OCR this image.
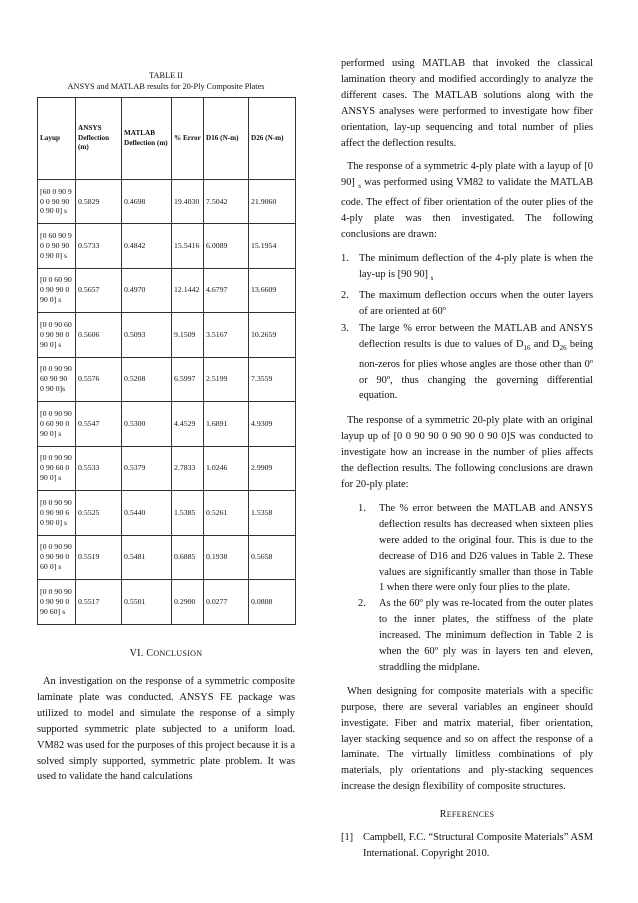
TABLE II
ANSYS and MATLAB results for 20-Ply Composite Plates
Layup	ANSYS Deflection (m)	MATLAB Deflection (m)	% Error	D16 (N-m)	D26 (N-m)
[60 0 90 90 0 90 90 0 90 0] s	0.5829	0.4698	19.4030	7.5042	21.9060
[0 60 90 90 0 90 90 0 90 0] s	0.5733	0.4842	15.5416	6.0089	15.1954
[0 0 60 90 0 90 90 0 90 0] s	0.5657	0.4970	12.1442	4.6797	13.6609
[0 0 90 60 0 90 90 0 90 0] s	0.5606	0.5093	9.1509	3.5167	10.2659
[0 0 90 90 60 90 90 0 90 0]s	0.5576	0.5208	6.5997	2.5199	7.3559
[0 0 90 90 0 60 90 0 90 0] s	0.5547	0.5300	4.4529	1.6891	4.9309
[0 0 90 90 0 90 60 0 90 0] s	0.5533	0.5379	2.7833	1.0246	2.9909
[0 0 90 90 0 90 90 60 90 0] s	0.5525	0.5440	1.5385	0.5261	1.5358
[0 0 90 90 0 90 90 0 60 0] s	0.5519	0.5481	0.6885	0.1938	0.5658
[0 0 90 90 0 90 90 0 90 60] s	0.5517	0.5501	0.2900	0.0277	0.0808
VI. CONCLUSION

An investigation on the response of a symmetric composite laminate plate was conducted. ANSYS FE package was utilized to model and simulate the response of a simply supported symmetric plate subjected to a uniform load. VM82 was used for the purposes of this project because it is a solved simply supported, symmetric plate problem. It was used to validate the hand calculations

performed using MATLAB that invoked the classical lamination theory and modified accordingly to analyze the different cases. The MATLAB solutions along with the ANSYS analyses were performed to investigate how fiber orientation, lay-up sequencing and total number of plies affect the deflection results.

The response of a symmetric 4-ply plate with a layup of [0 90] $_s$ was performed using VM82 to validate the MATLAB code. The effect of fiber orientation of the outer plies of the 4-ply plate was then investigated. The following conclusions are drawn:

1. The minimum deflection of the 4-ply plate is when the lay-up is [90 90] $_s$
2. The maximum deflection occurs when the outer layers of are oriented at 60º
3. The large % error between the MATLAB and ANSYS deflection results is due to values of $D_{16}$ and $D_{26}$ being non-zeros for plies whose angles are those other than 0º or 90º, thus changing the governing differential equation.

The response of a symmetric 20-ply plate with an original layup up of [0 0 90 90 0 90 90 0 90 0]S was conducted to investigate how an increase in the number of plies affects the deflection results. The following conclusions are drawn for 20-ply plate:

1. The % error between the MATLAB and ANSYS deflection results has decreased when sixteen plies were added to the original four. This is due to the decrease of D16 and D26 values in Table 2. These values are significantly smaller than those in Table 1 when there were only four plies to the plate.
2. As the 60º ply was re-located from the outer plates to the inner plates, the stiffness of the plate increased. The minimum deflection in Table 2 is when the 60º ply was in layers ten and eleven, straddling the midplane.

When designing for composite materials with a specific purpose, there are several variables an engineer should investigate. Fiber and matrix material, fiber orientation, layer stacking sequence and so on affect the response of a laminate. The virtually limitless combinations of ply materials, ply orientations and ply-stacking sequences increase the design flexibility of composite structures.

REFERENCES
[1] Campbell, F.C. “Structural Composite Materials” ASM International. Copyright 2010.
